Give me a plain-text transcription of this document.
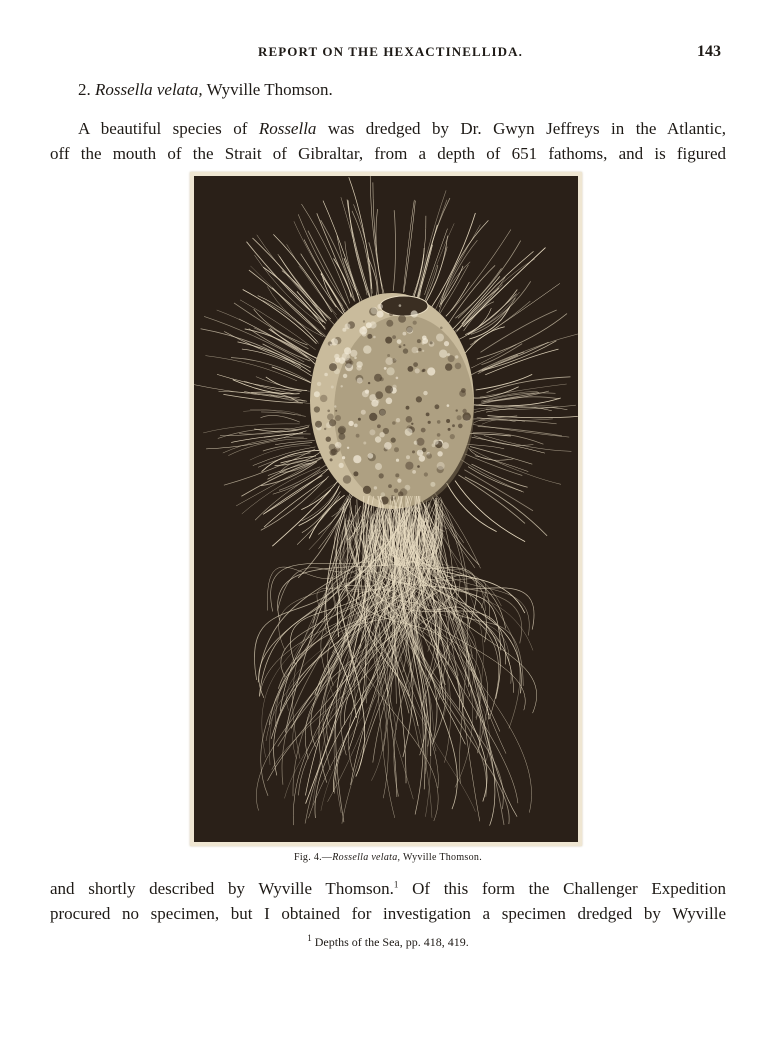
REPORT ON THE HEXACTINELLIDA.	143
2. Rossella velata, Wyville Thomson.
A beautiful species of Rossella was dredged by Dr. Gwyn Jeffreys in the Atlantic,
off the mouth of the Strait of Gibraltar, from a depth of 651 fathoms, and is figured
Fig. 4.—Rossella velata, Wyville Thomson.
and shortly described by Wyville Thomson.$^1$ Of this form the Challenger Expedition
procured no specimen, but I obtained for investigation a specimen dredged by Wyville
$^1$ Depths of the Sea, pp. 418, 419.
